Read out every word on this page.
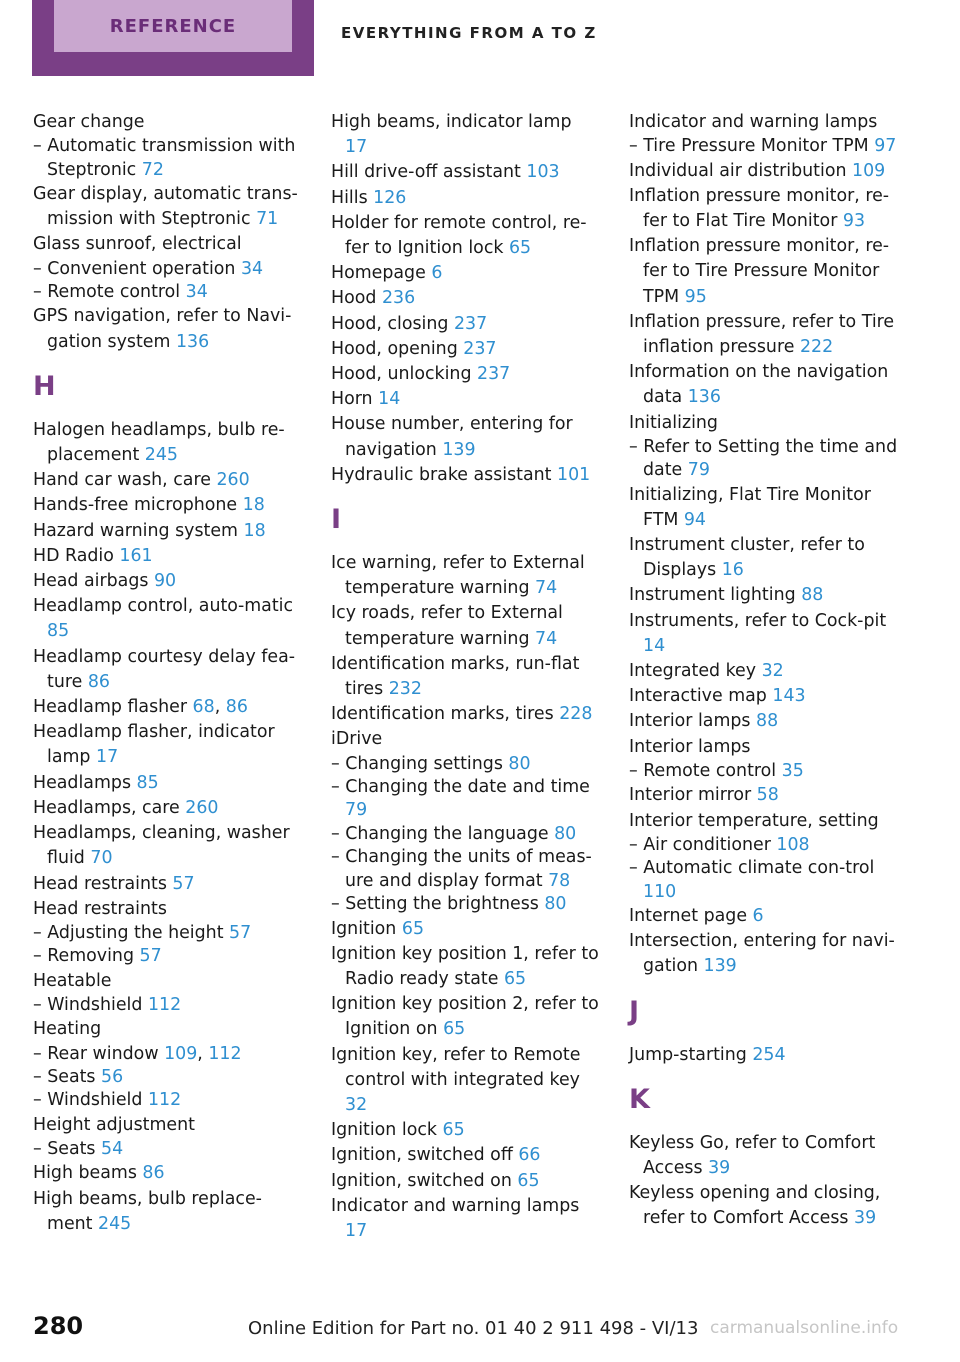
REFERENCE	EVERYTHING FROM A TO Z
Gear change
– Automatic transmission with Steptronic 72
Gear display, automatic trans‐mission with Steptronic 71
Glass sunroof, electrical
– Convenient operation 34
– Remote control 34
GPS navigation, refer to Navi‐gation system 136
H
Halogen headlamps, bulb re‐placement 245
Hand car wash, care 260
Hands-free microphone 18
Hazard warning system 18
HD Radio 161
Head airbags 90
Headlamp control, auto‐matic 85
Headlamp courtesy delay fea‐ture 86
Headlamp flasher 68, 86
Headlamp flasher, indicator lamp 17
Headlamps 85
Headlamps, care 260
Headlamps, cleaning, washer fluid 70
Head restraints 57
Head restraints
– Adjusting the height 57
– Removing 57
Heatable
– Windshield 112
Heating
– Rear window 109, 112
– Seats 56
– Windshield 112
Height adjustment
– Seats 54
High beams 86
High beams, bulb replace‐ment 245
High beams, indicator lamp 17
Hill drive-off assistant 103
Hills 126
Holder for remote control, re‐fer to Ignition lock 65
Homepage 6
Hood 236
Hood, closing 237
Hood, opening 237
Hood, unlocking 237
Horn 14
House number, entering for navigation 139
Hydraulic brake assistant 101
I
Ice warning, refer to External temperature warning 74
Icy roads, refer to External temperature warning 74
Identification marks, run-flat tires 232
Identification marks, tires 228
iDrive
– Changing settings 80
– Changing the date and time 79
– Changing the language 80
– Changing the units of meas‐ure and display format 78
– Setting the brightness 80
Ignition 65
Ignition key position 1, refer to Radio ready state 65
Ignition key position 2, refer to Ignition on 65
Ignition key, refer to Remote control with integrated key 32
Ignition lock 65
Ignition, switched off 66
Ignition, switched on 65
Indicator and warning lamps 17
Indicator and warning lamps
– Tire Pressure Monitor TPM 97
Individual air distribution 109
Inflation pressure monitor, re‐fer to Flat Tire Monitor 93
Inflation pressure monitor, re‐fer to Tire Pressure Monitor TPM 95
Inflation pressure, refer to Tire inflation pressure 222
Information on the navigation data 136
Initializing
– Refer to Setting the time and date 79
Initializing, Flat Tire Monitor FTM 94
Instrument cluster, refer to Displays 16
Instrument lighting 88
Instruments, refer to Cock‐pit 14
Integrated key 32
Interactive map 143
Interior lamps 88
Interior lamps
– Remote control 35
Interior mirror 58
Interior temperature, setting
– Air conditioner 108
– Automatic climate con‐trol 110
Internet page 6
Intersection, entering for navi‐gation 139
J
Jump-starting 254
K
Keyless Go, refer to Comfort Access 39
Keyless opening and closing, refer to Comfort Access 39
280	Online Edition for Part no. 01 40 2 911 498 - VI/13 carmanualsonline.info
